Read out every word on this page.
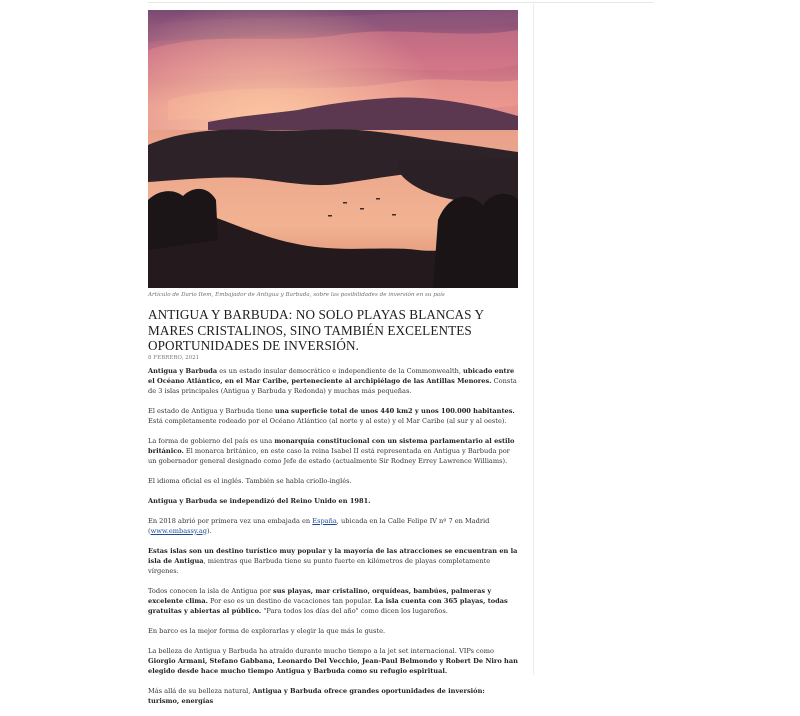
Artículo de Dario Item, Embajador de Antigua y Barbuda, sobre las posibilidades de inversión en su país
ANTIGUA Y BARBUDA: NO SOLO PLAYAS BLANCAS Y MARES CRISTALINOS, SINO TAMBIÉN EXCELENTES OPORTUNIDADES DE INVERSIÓN.
8 FEBRERO, 2021

Antigua y Barbuda es un estado insular democrático e independiente de la Commonwealth, ubicado entre el Océano Atlántico, en el Mar Caribe, perteneciente al archipiélago de las Antillas Menores. Consta de 3 islas principales (Antigua y Barbuda y Redonda) y muchas más pequeñas.

El estado de Antigua y Barbuda tiene una superficie total de unos 440 km2 y unos 100.000 habitantes. Está completamente rodeado por el Océano Atlántico (al norte y al este) y el Mar Caribe (al sur y al oeste).

La forma de gobierno del país es una monarquía constitucional con un sistema parlamentario al estilo británico. El monarca británico, en este caso la reina Isabel II está representada en Antigua y Barbuda por un gobernador general designado como Jefe de estado (actualmente Sir Rodney Errey Lawrence Williams).

El idioma oficial es el inglés. También se habla criollo-inglés.

Antigua y Barbuda se independizó del Reino Unido en 1981.

En 2018 abrió por primera vez una embajada en España, ubicada en la Calle Felipe IV nº 7 en Madrid (www.embassy.ag).

Estas islas son un destino turístico muy popular y la mayoría de las atracciones se encuentran en la isla de Antigua, mientras que Barbuda tiene su punto fuerte en kilómetros de playas completamente vírgenes.

Todos conocen la isla de Antigua por sus playas, mar cristalino, orquídeas, bambúes, palmeras y excelente clima. Por eso es un destino de vacaciones tan popular. La isla cuenta con 365 playas, todas gratuitas y abiertas al público. "Para todos los días del año" como dicen los lugareños.

En barco es la mejor forma de explorarlas y elegir la que más le guste.

La belleza de Antigua y Barbuda ha atraído durante mucho tiempo a la jet set internacional. VIPs como Giorgio Armani, Stefano Gabbana, Leonardo Del Vecchio, Jean-Paul Belmondo y Robert De Niro han elegido desde hace mucho tiempo Antigua y Barbuda como su refugio espiritual.

Más allá de su belleza natural, Antigua y Barbuda ofrece grandes oportunidades de inversión: turismo, energías
